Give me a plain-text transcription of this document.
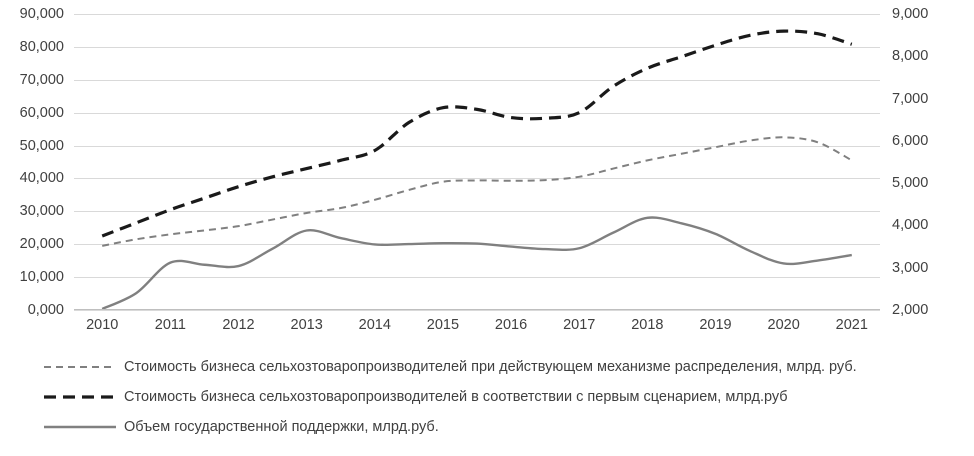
0,000
10,000
20,000
30,000
40,000
50,000
60,000
70,000
80,000
90,000
2,000
3,000
4,000
5,000
6,000
7,000
8,000
9,000
2010	2011	2012 2013 2014 2015 2016 2017 2018 2019 2020 2021
Стоимость бизнеса сельхозтоваропроизводителей при действующем механизме распределения, млрд. руб.
Стоимость бизнеса сельхозтоваропроизводителей в соответствии с первым сценарием, млрд.руб
Объем государственной поддержки, млрд.руб.
